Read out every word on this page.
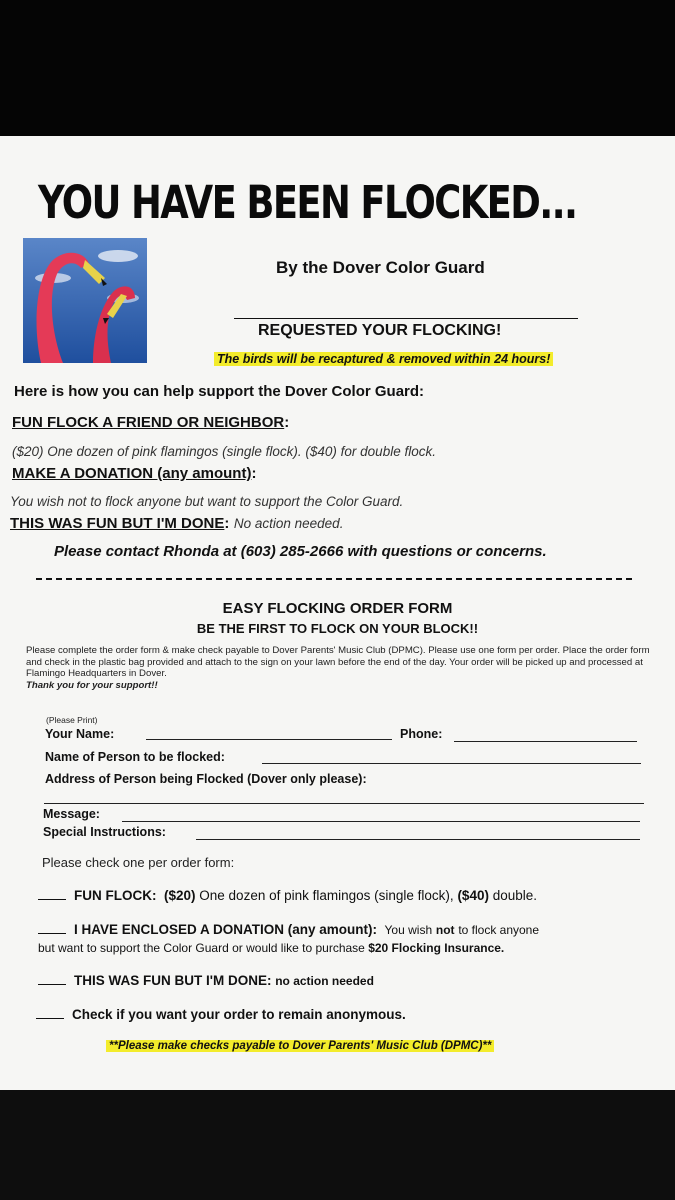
YOU HAVE BEEN FLOCKED...
By the Dover Color Guard
REQUESTED YOUR FLOCKING!
The birds will be recaptured & removed within 24 hours!
Here is how you can help support the Dover Color Guard:
FUN FLOCK A FRIEND OR NEIGHBOR:
($20) One dozen of pink flamingos (single flock). ($40) for double flock.
MAKE A DONATION (any amount):
You wish not to flock anyone but want to support the Color Guard.
THIS WAS FUN BUT I'M DONE: No action needed.
Please contact Rhonda at (603) 285-2666 with questions or concerns.
EASY FLOCKING ORDER FORM
BE THE FIRST TO FLOCK ON YOUR BLOCK!!
Please complete the order form & make check payable to Dover Parents' Music Club (DPMC). Please use one form per order. Place the order form and check in the plastic bag provided and attach to the sign on your lawn before the end of the day. Your order will be picked up and processed at Flamingo Headquarters in Dover.
Thank you for your support!!
(Please Print)
Your Name:	Phone:
Name of Person to be flocked:
Address of Person being Flocked (Dover only please):
Message:
Special Instructions:
Please check one per order form:
FUN FLOCK: ($20) One dozen of pink flamingos (single flock), ($40) double.
I HAVE ENCLOSED A DONATION (any amount): You wish not to flock anyone
but want to support the Color Guard or would like to purchase $20 Flocking Insurance.
THIS WAS FUN BUT I'M DONE: no action needed
Check if you want your order to remain anonymous.
**Please make checks payable to Dover Parents' Music Club (DPMC)**
